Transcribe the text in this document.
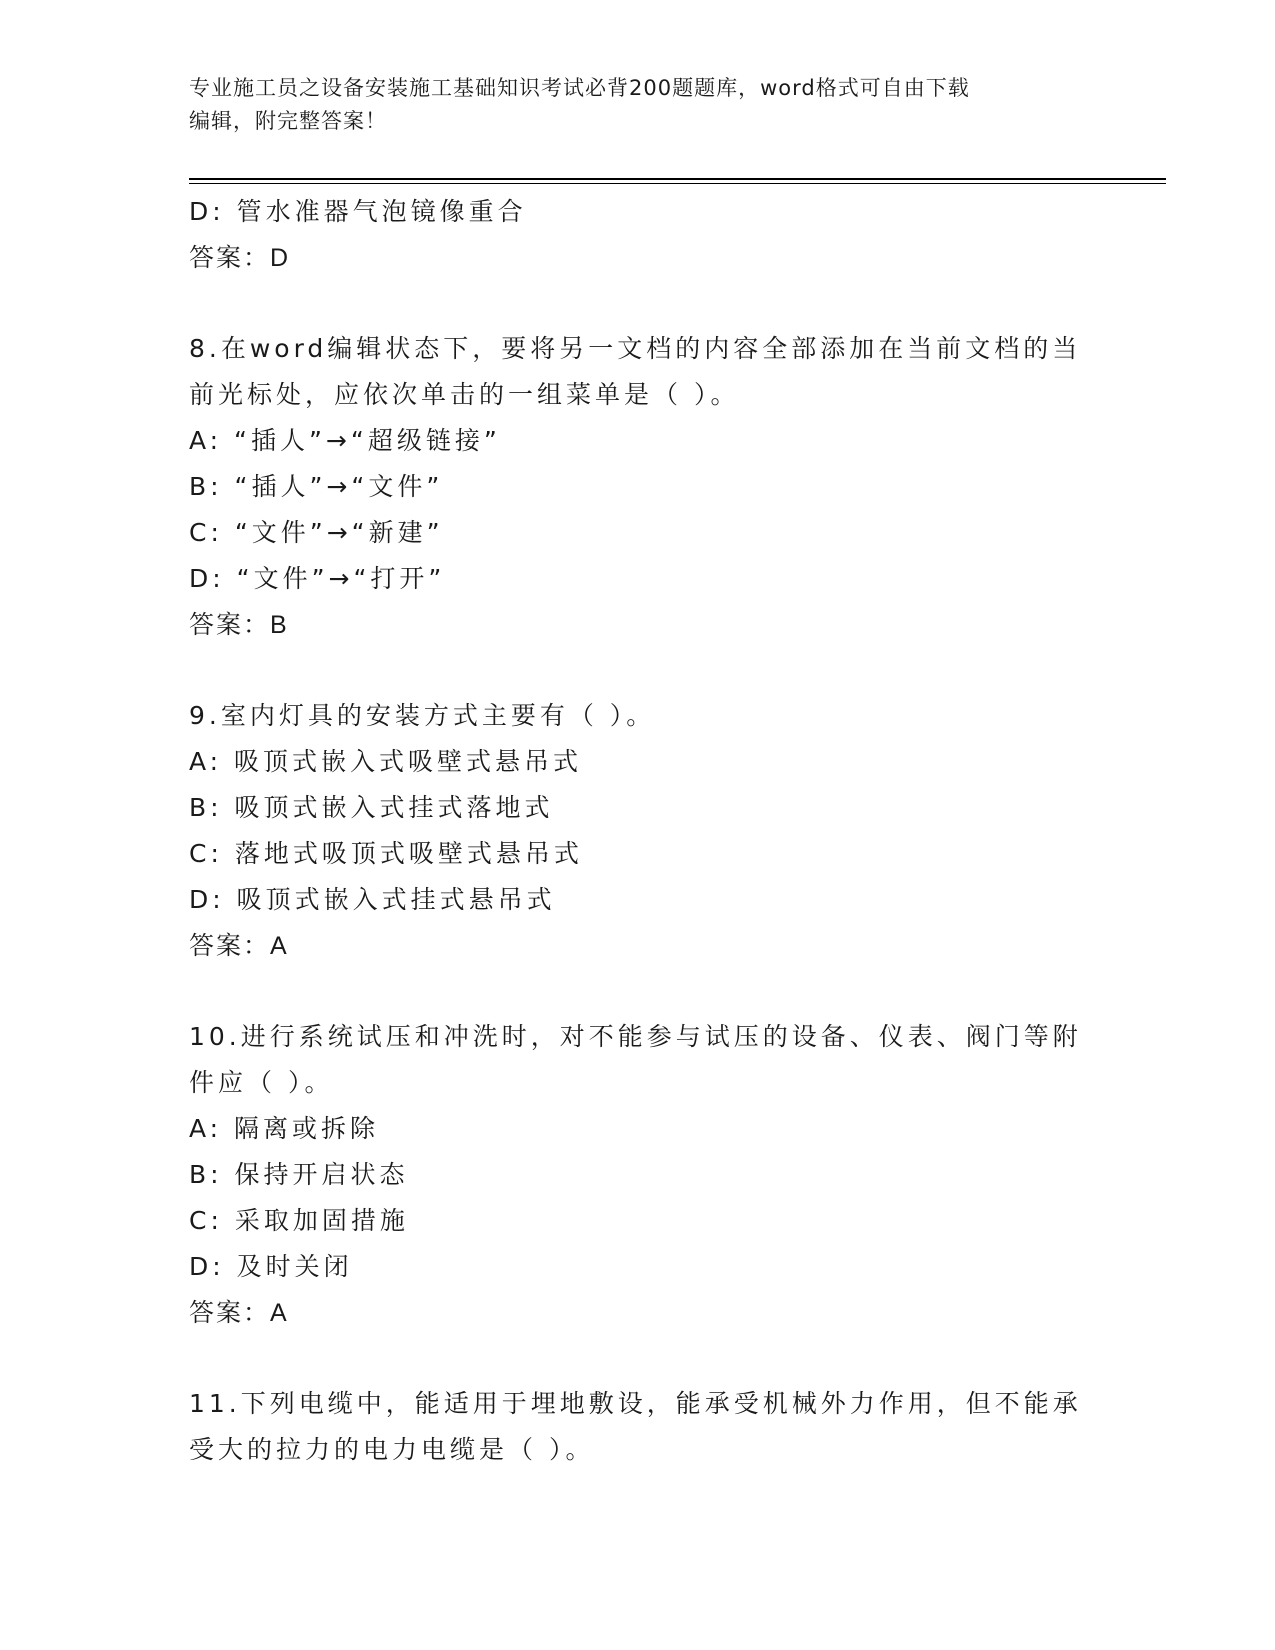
专业施工员之设备安装施工基础知识考试必背200题题库，word格式可自由下载
编辑，附完整答案！
D: 管水准器气泡镜像重合
答案：D
8.在word编辑状态下，要将另一文档的内容全部添加在当前文档的当
前光标处，应依次单击的一组菜单是（ ）。
A: “插人”→“超级链接”
B: “插人”→“文件”
C: “文件”→“新建”
D: “文件”→“打开”
答案：B
9.室内灯具的安装方式主要有（ ）。
A: 吸顶式嵌入式吸壁式悬吊式
B: 吸顶式嵌入式挂式落地式
C: 落地式吸顶式吸壁式悬吊式
D: 吸顶式嵌入式挂式悬吊式
答案：A
10.进行系统试压和冲洗时，对不能参与试压的设备、仪表、阀门等附
件应（ ）。
A: 隔离或拆除
B: 保持开启状态
C: 采取加固措施
D: 及时关闭
答案：A
11.下列电缆中，能适用于埋地敷设，能承受机械外力作用，但不能承
受大的拉力的电力电缆是（ ）。
